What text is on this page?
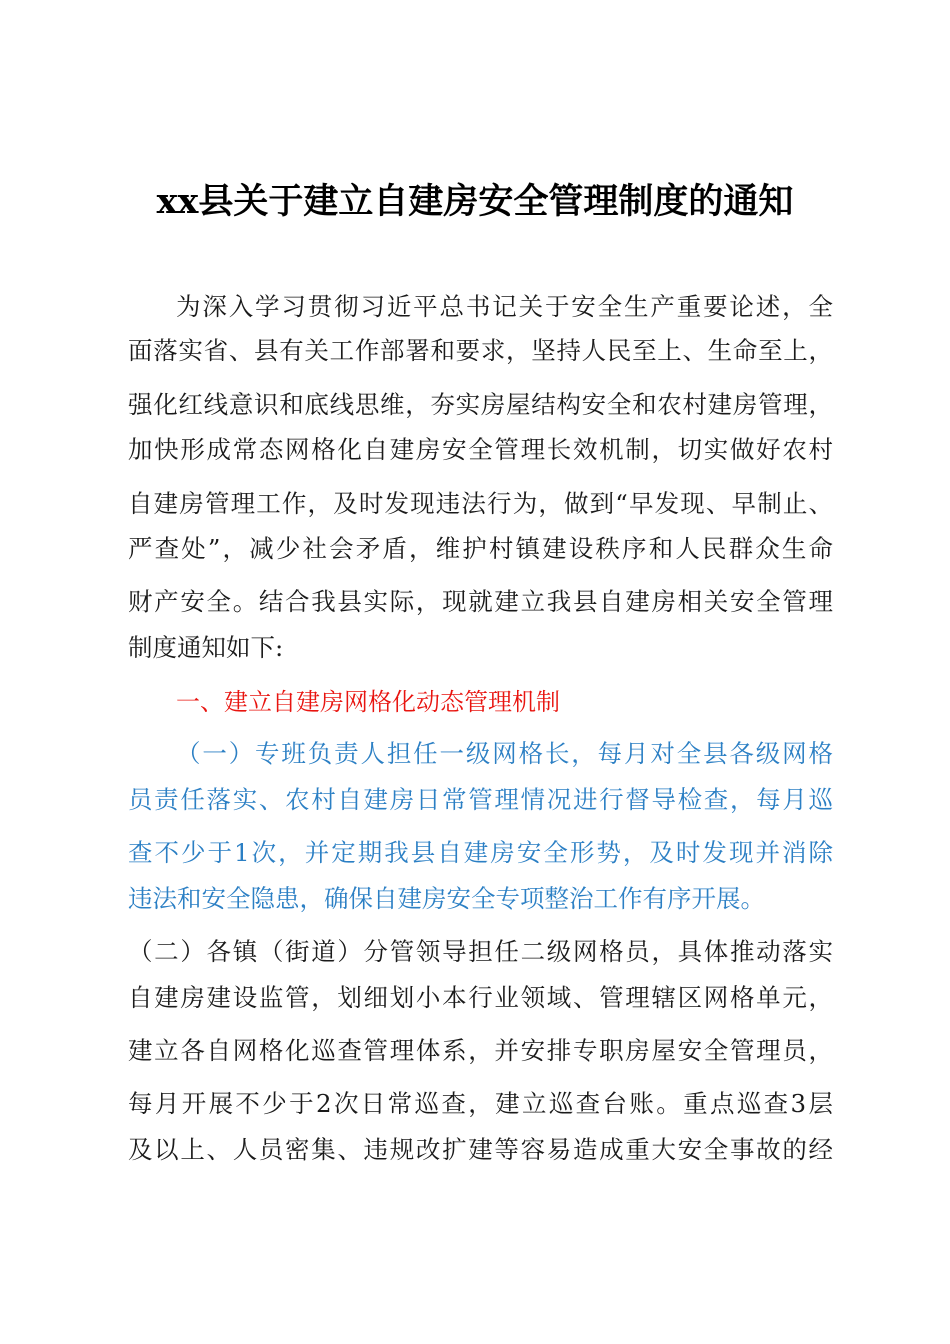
xx县关于建立自建房安全管理制度的通知
为深入学习贯彻习近平总书记关于安全生产重要论述，全
面落实省、县有关工作部署和要求，坚持人民至上、生命至上，
强化红线意识和底线思维，夯实房屋结构安全和农村建房管理，
加快形成常态网格化自建房安全管理长效机制，切实做好农村
自建房管理工作，及时发现违法行为，做到“早发现、早制止、
严查处”，减少社会矛盾，维护村镇建设秩序和人民群众生命
财产安全。结合我县实际，现就建立我县自建房相关安全管理
制度通知如下:
一、建立自建房网格化动态管理机制
（一）专班负责人担任一级网格长，每月对全县各级网格
员责任落实、农村自建房日常管理情况进行督导检查，每月巡
查不少于1次，并定期我县自建房安全形势，及时发现并消除
违法和安全隐患，确保自建房安全专项整治工作有序开展。
（二）各镇（街道）分管领导担任二级网格员，具体推动落实
自建房建设监管，划细划小本行业领域、管理辖区网格单元，
建立各自网格化巡查管理体系，并安排专职房屋安全管理员，
每月开展不少于2次日常巡查，建立巡查台账。重点巡查3层
及以上、人员密集、违规改扩建等容易造成重大安全事故的经
